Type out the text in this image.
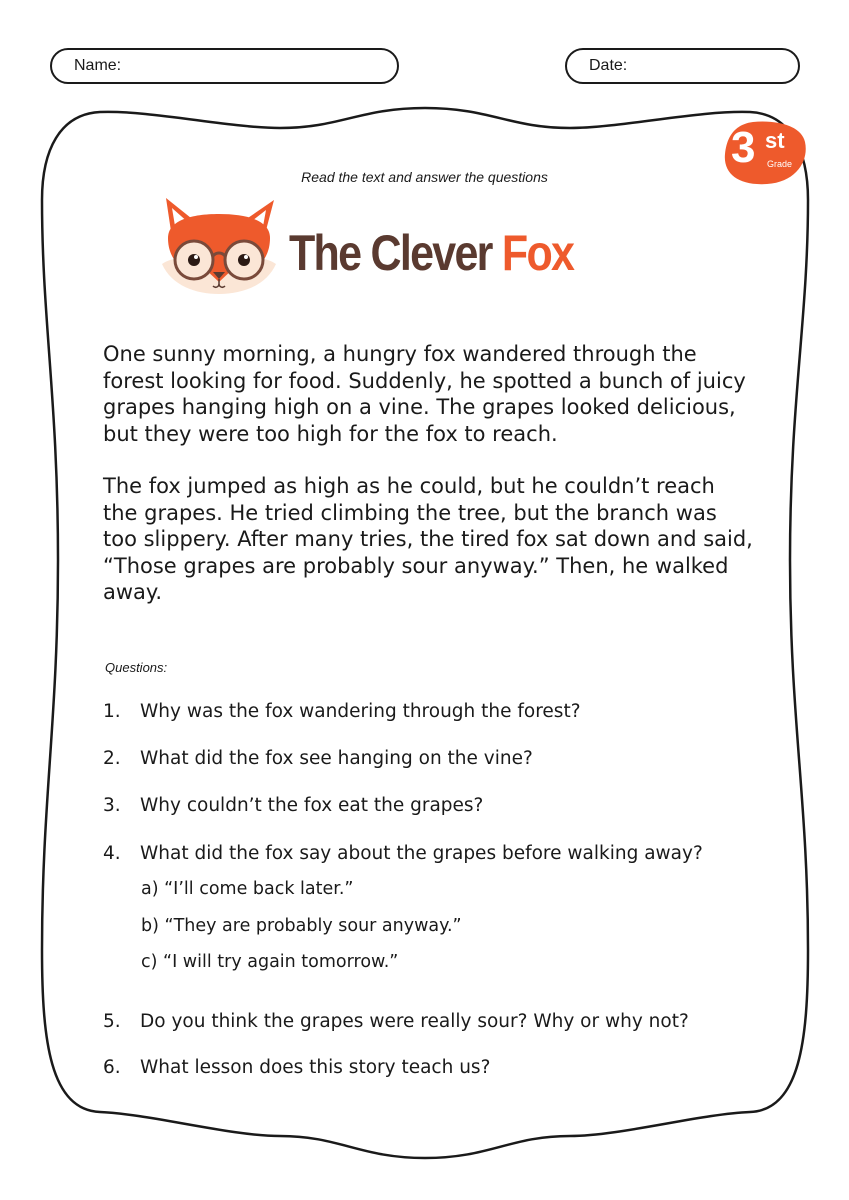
Name:	Date:
3 st
Grade
Read the text and answer the questions
The Clever Fox

One sunny morning, a hungry fox wandered through the forest looking for food. Suddenly, he spotted a bunch of juicy grapes hanging high on a vine. The grapes looked delicious, but they were too high for the fox to reach.

The fox jumped as high as he could, but he couldn’t reach the grapes. He tried climbing the tree, but the branch was too slippery. After many tries, the tired fox sat down and said, “Those grapes are probably sour anyway.” Then, he walked away.

Questions:
1. Why was the fox wandering through the forest?
2. What did the fox see hanging on the vine?
3. Why couldn’t the fox eat the grapes?
4. What did the fox say about the grapes before walking away?
a) “I’ll come back later.”
b) “They are probably sour anyway.”
c) “I will try again tomorrow.”
5. Do you think the grapes were really sour? Why or why not?
6. What lesson does this story teach us?
